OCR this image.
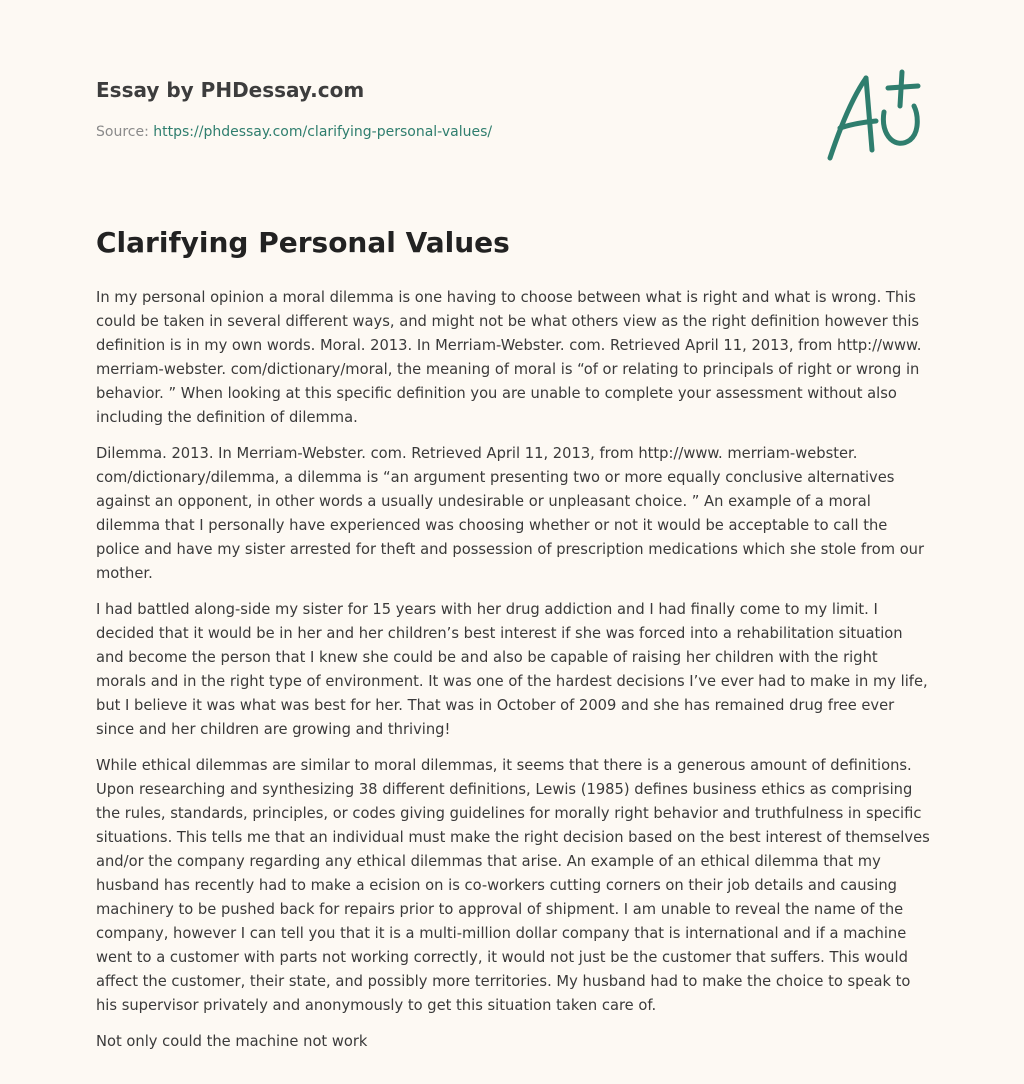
Essay by PHDessay.com
Source: https://phdessay.com/clarifying-personal-values/
Clarifying Personal Values

In my personal opinion a moral dilemma is one having to choose between what is right and what is wrong. This could be taken in several different ways, and might not be what others view as the right definition however this definition is in my own words. Moral. 2013. In Merriam-Webster. com. Retrieved April 11, 2013, from http://www. merriam-webster. com/dictionary/moral, the meaning of moral is “of or relating to principals of right or wrong in behavior. ” When looking at this specific definition you are unable to complete your assessment without also including the definition of dilemma.

Dilemma. 2013. In Merriam-Webster. com. Retrieved April 11, 2013, from http://www. merriam-webster. com/dictionary/dilemma, a dilemma is “an argument presenting two or more equally conclusive alternatives against an opponent, in other words a usually undesirable or unpleasant choice. ” An example of a moral dilemma that I personally have experienced was choosing whether or not it would be acceptable to call the police and have my sister arrested for theft and possession of prescription medications which she stole from our mother.

I had battled along-side my sister for 15 years with her drug addiction and I had finally come to my limit. I decided that it would be in her and her children’s best interest if she was forced into a rehabilitation situation and become the person that I knew she could be and also be capable of raising her children with the right morals and in the right type of environment. It was one of the hardest decisions I’ve ever had to make in my life, but I believe it was what was best for her. That was in October of 2009 and she has remained drug free ever since and her children are growing and thriving!

While ethical dilemmas are similar to moral dilemmas, it seems that there is a generous amount of definitions. Upon researching and synthesizing 38 different definitions, Lewis (1985) defines business ethics as comprising the rules, standards, principles, or codes giving guidelines for morally right behavior and truthfulness in specific situations. This tells me that an individual must make the right decision based on the best interest of themselves and/or the company regarding any ethical dilemmas that arise. An example of an ethical dilemma that my husband has recently had to make a ecision on is co-workers cutting corners on their job details and causing machinery to be pushed back for repairs prior to approval of shipment. I am unable to reveal the name of the company, however I can tell you that it is a multi-million dollar company that is international and if a machine went to a customer with parts not working correctly, it would not just be the customer that suffers. This would affect the customer, their state, and possibly more territories. My husband had to make the choice to speak to his supervisor privately and anonymously to get this situation taken care of.

Not only could the machine not work
